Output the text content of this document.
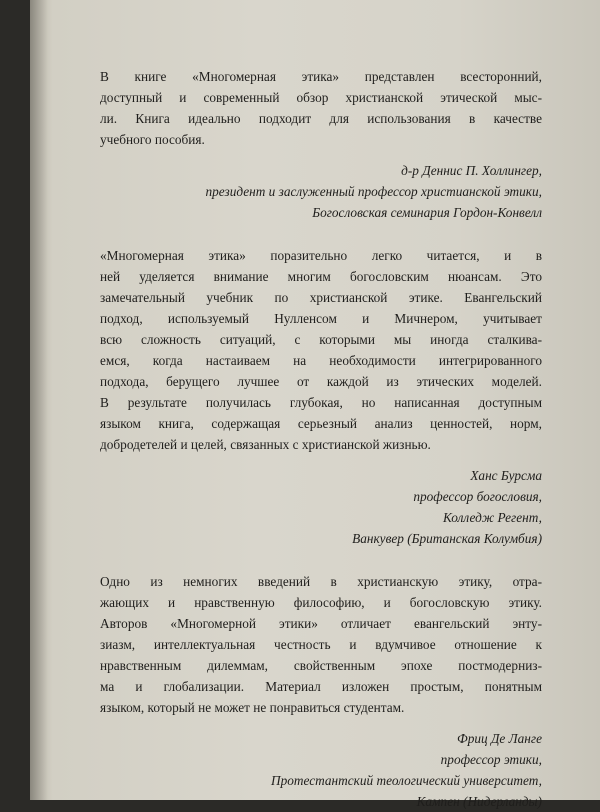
В книге «Многомерная этика» представлен всесторонний,
доступный и современный обзор христианской этической мыс-
ли. Книга идеально подходит для использования в качестве
учебного пособия.

д-р Деннис П. Холлингер,
президент и заслуженный профессор христианской этики,
Богословская семинария Гордон-Конвелл

«Многомерная этика» поразительно легко читается, и в
ней уделяется внимание многим богословским нюансам. Это
замечательный учебник по христианской этике. Евангельский
подход, используемый Нулленсом и Мичнером, учитывает
всю сложность ситуаций, с которыми мы иногда сталкива-
емся, когда настаиваем на необходимости интегрированного
подхода, берущего лучшее от каждой из этических моделей.
В результате получилась глубокая, но написанная доступным
языком книга, содержащая серьезный анализ ценностей, норм,
добродетелей и целей, связанных с христианской жизнью.

Ханс Бурсма
профессор богословия,
Колледж Регент,
Ванкувер (Британская Колумбия)

Одно из немногих введений в христианскую этику, отра-
жающих и нравственную философию, и богословскую этику.
Авторов «Многомерной этики» отличает евангельский энту-
зиазм, интеллектуальная честность и вдумчивое отношение к
нравственным дилеммам, свойственным эпохе постмодерниз-
ма и глобализации. Материал изложен простым, понятным
языком, который не может не понравиться студентам.

Фриц Де Ланге
профессор этики,
Протестантский теологический университет,
Кампен (Нидерланды)
